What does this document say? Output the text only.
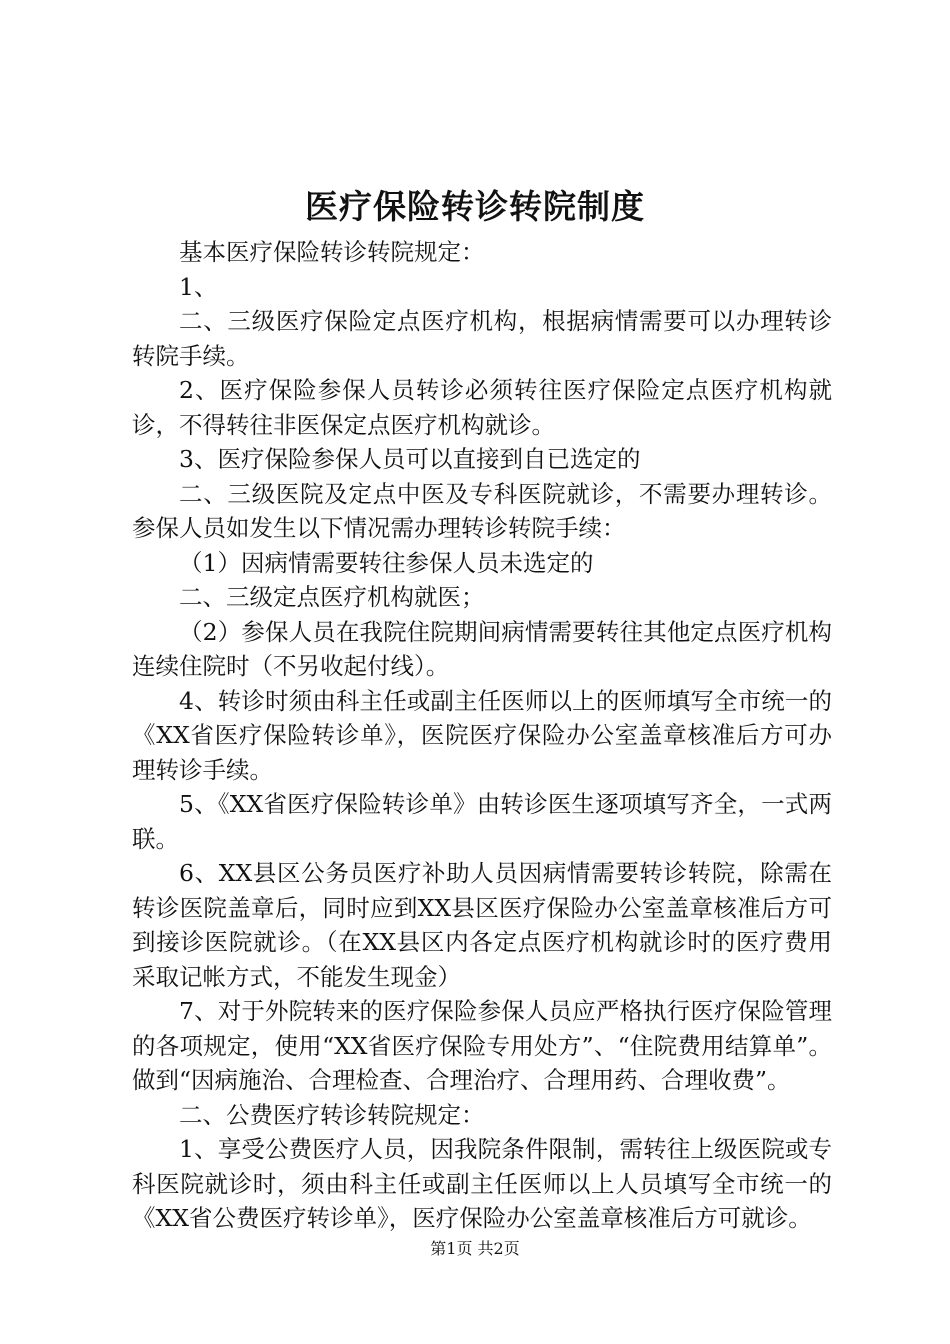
医疗保险转诊转院制度

基本医疗保险转诊转院规定：

1、

二、三级医疗保险定点医疗机构，根据病情需要可以办理转诊转院手续。

2、医疗保险参保人员转诊必须转往医疗保险定点医疗机构就诊，不得转往非医保定点医疗机构就诊。

3、医疗保险参保人员可以直接到自已选定的

二、三级医院及定点中医及专科医院就诊，不需要办理转诊。参保人员如发生以下情况需办理转诊转院手续：

（1）因病情需要转往参保人员未选定的

二、三级定点医疗机构就医；

（2）参保人员在我院住院期间病情需要转往其他定点医疗机构连续住院时（不另收起付线）。

4、转诊时须由科主任或副主任医师以上的医师填写全市统一的《XX省医疗保险转诊单》，医院医疗保险办公室盖章核准后方可办理转诊手续。

5、《XX省医疗保险转诊单》由转诊医生逐项填写齐全，一式两联。

6、XX县区公务员医疗补助人员因病情需要转诊转院，除需在转诊医院盖章后，同时应到XX县区医疗保险办公室盖章核准后方可到接诊医院就诊。（在XX县区内各定点医疗机构就诊时的医疗费用采取记帐方式，不能发生现金）

7、对于外院转来的医疗保险参保人员应严格执行医疗保险管理的各项规定，使用“XX省医疗保险专用处方”、“住院费用结算单”。做到“因病施治、合理检查、合理治疗、合理用药、合理收费”。

二、公费医疗转诊转院规定：

1、享受公费医疗人员，因我院条件限制，需转往上级医院或专科医院就诊时，须由科主任或副主任医师以上人员填写全市统一的《XX省公费医疗转诊单》，医疗保险办公室盖章核准后方可就诊。

第1页 共2页
